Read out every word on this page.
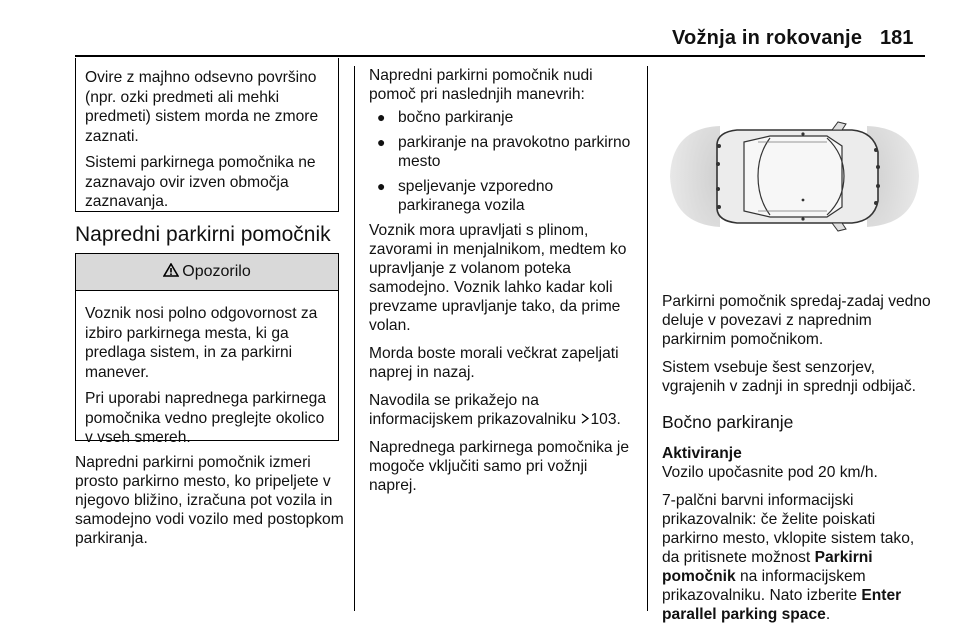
Vožnja in rokovanje 181

Ovire z majhno odsevno površino (npr. ozki predmeti ali mehki predmeti) sistem morda ne zmore zaznati.

Sistemi parkirnega pomočnika ne zaznavajo ovir izven območja zaznavanja.

Napredni parkirni pomočnik
Opozorilo

Voznik nosi polno odgovornost za izbiro parkirnega mesta, ki ga predlaga sistem, in za parkirni manever.

Pri uporabi naprednega parkirnega pomočnika vedno preglejte okolico v vseh smereh.

Napredni parkirni pomočnik izmeri prosto parkirno mesto, ko pripeljete v njegovo bližino, izračuna pot vozila in samodejno vodi vozilo med postopkom parkiranja.

Napredni parkirni pomočnik nudi pomoč pri naslednjih manevrih:

● bočno parkiranje
● parkiranje na pravokotno parkirno mesto
● speljevanje vzporedno parkiranega vozila

Voznik mora upravljati s plinom, zavorami in menjalnikom, medtem ko upravljanje z volanom poteka samodejno. Voznik lahko kadar koli prevzame upravljanje tako, da prime volan.

Morda boste morali večkrat zapeljati naprej in nazaj.

Navodila se prikažejo na informacijskem prikazovalniku 103.

Naprednega parkirnega pomočnika je mogoče vključiti samo pri vožnji naprej.

Parkirni pomočnik spredaj-zadaj vedno deluje v povezavi z naprednim parkirnim pomočnikom.

Sistem vsebuje šest senzorjev, vgrajenih v zadnji in sprednji odbijač.

Bočno parkiranje
Aktiviranje

Vozilo upočasnite pod 20 km/h.

7-palčni barvni informacijski prikazovalnik: če želite poiskati parkirno mesto, vklopite sistem tako, da pritisnete možnost Parkirni pomočnik na informacijskem prikazovalniku. Nato izberite Enter parallel parking space.
